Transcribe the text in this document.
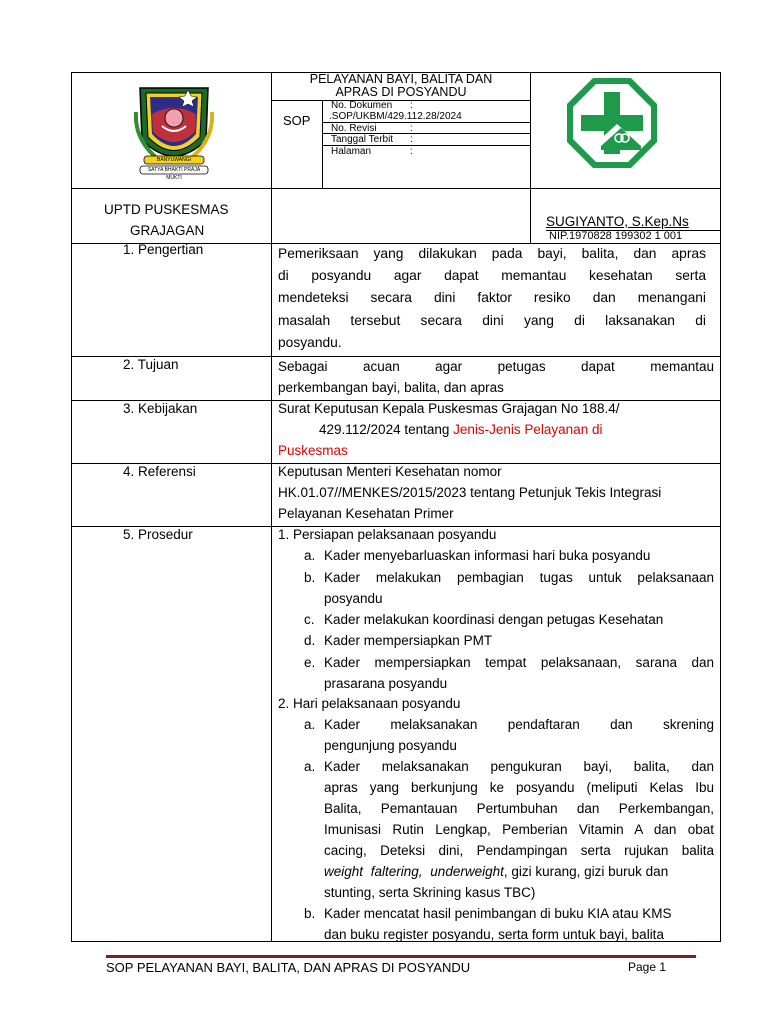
BANYUWANGI
SATYA BHAKTI PRAJA MUKTI
PELAYANAN BAYI, BALITA DAN
APRAS DI POSYANDU
SOP
No. Dokumen :
.SOP/UKBM/429.112.28/2024
No. Revisi	:
Tanggal Terbit :
Halaman	:
UPTD PUSKESMAS
GRAJAGAN
SUGIYANTO, S.Kep.Ns
NIP.1970828 199302 1 001
1. Pengertian	Pemeriksaan yang dilakukan pada bayi, balita, dan apras
di posyandu agar dapat memantau kesehatan serta
mendeteksi secara dini faktor resiko dan menangani
masalah tersebut secara dini yang di laksanakan di
posyandu.
2. Tujuan	Sebagai acuan agar petugas dapat memantau
perkembangan bayi, balita, dan apras
3. Kebijakan	Surat Keputusan Kepala Puskesmas Grajagan No 188.4/
429.112/2024 tentang Jenis-Jenis Pelayanan di
Puskesmas
4. Referensi	Keputusan Menteri Kesehatan nomor
HK.01.07//MENKES/2015/2023 tentang Petunjuk Tekis Integrasi
Pelayanan Kesehatan Primer
5. Prosedur	1. Persiapan pelaksanaan posyandu
a. Kader menyebarluaskan informasi hari buka posyandu
b. Kader melakukan pembagian tugas untuk pelaksanaan
posyandu
c. Kader melakukan koordinasi dengan petugas Kesehatan
d. Kader mempersiapkan PMT
e. Kader mempersiapkan tempat pelaksanaan, sarana dan
prasarana posyandu
2. Hari pelaksanaan posyandu
a. Kader melaksanakan pendaftaran dan skrening
pengunjung posyandu
a. Kader melaksanakan pengukuran bayi, balita, dan
apras yang berkunjung ke posyandu (meliputi Kelas Ibu
Balita, Pemantauan Pertumbuhan dan Perkembangan,
Imunisasi Rutin Lengkap, Pemberian Vitamin A dan obat
cacing, Deteksi dini, Pendampingan serta rujukan balita
weight faltering, underweight, gizi kurang, gizi buruk dan
stunting, serta Skrining kasus TBC)
b. Kader mencatat hasil penimbangan di buku KIA atau KMS
dan buku register posyandu, serta form untuk bayi, balita
SOP PELAYANAN BAYI, BALITA, DAN APRAS DI POSYANDU	Page 1
